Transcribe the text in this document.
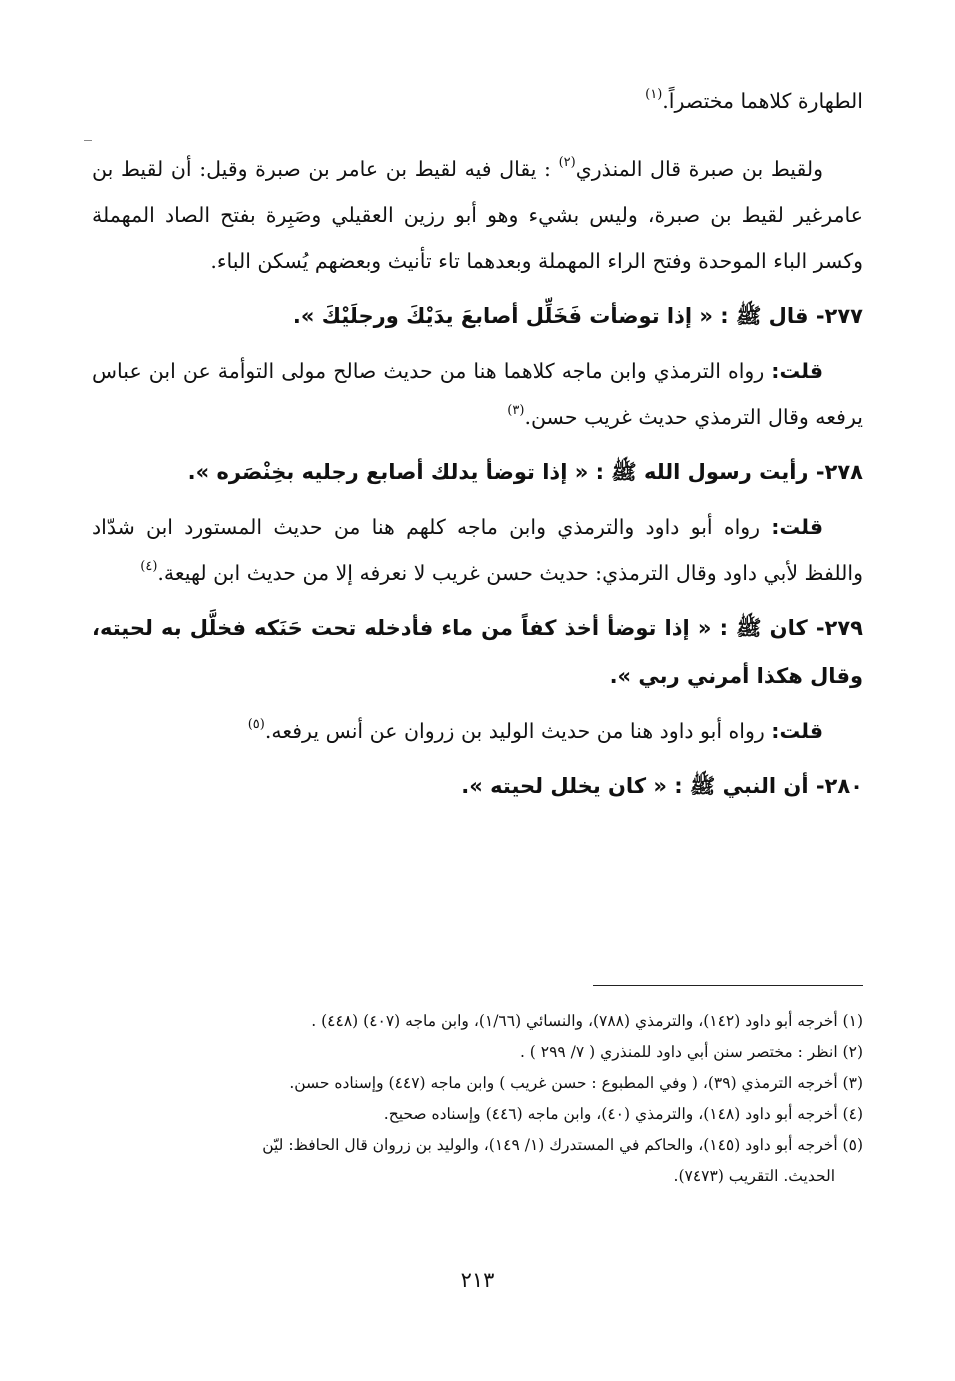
الطهارة كلاهما مختصراً.$^{(١)}$
ولقيط بن صبرة قال المنذري$^{(٢)}$ : يقال فيه لقيط بن عامر بن صبرة وقيل: أن لقيط بن عامرغير لقيط بن صبرة، وليس بشيء وهو أبو رزين العقيلي وصَبِرة بفتح الصاد المهملة وكسر الباء الموحدة وفتح الراء المهملة وبعدهما تاء تأنيث وبعضهم يُسكن الباء.
٢٧٧- قال ﷺ : « إذا توضأت فَخَلِّل أصابعَ يدَيْكَ ورجلَيْكَ ».
قلت: رواه الترمذي وابن ماجه كلاهما هنا من حديث صالح مولى التوأمة عن ابن عباس يرفعه وقال الترمذي حديث غريب حسن.$^{(٣)}$
٢٧٨- رأيت رسول الله ﷺ : « إذا توضأ يدلك أصابع رجليه بخِنْصَره ».
قلت: رواه أبو داود والترمذي وابن ماجه كلهم هنا من حديث المستورد ابن شدّاد واللفظ لأبي داود وقال الترمذي: حديث حسن غريب لا نعرفه إلا من حديث ابن لهيعة.$^{(٤)}$
٢٧٩- كان ﷺ : « إذا توضأ أخذ كفاً من ماء فأدخله تحت حَنَكه فخلَّل به لحيته، وقال هكذا أمرني ربي ».
قلت: رواه أبو داود هنا من حديث الوليد بن زروان عن أنس يرفعه.$^{(٥)}$
٢٨٠- أن النبي ﷺ : « كان يخلل لحيته ».

(١) أخرجه أبو داود (١٤٢)، والترمذي (٧٨٨)، والنسائي (١/٦٦)، وابن ماجه (٤٠٧) (٤٤٨) .

(٢) انظر : مختصر سنن أبي داود للمنذري ( ٧/ ٢٩٩ ) .

(٣) أخرجه الترمذي (٣٩)، ( وفي المطبوع : حسن غريب ) وابن ماجه (٤٤٧) وإسناده حسن.

(٤) أخرجه أبو داود (١٤٨)، والترمذي (٤٠)، وابن ماجه (٤٤٦) وإسناده صحيح.

(٥) أخرجه أبو داود (١٤٥)، والحاكم في المستدرك (١/ ١٤٩)، والوليد بن زروان قال الحافظ: ليّن

الحديث. التقريب (٧٤٧٣).

٢١٣
